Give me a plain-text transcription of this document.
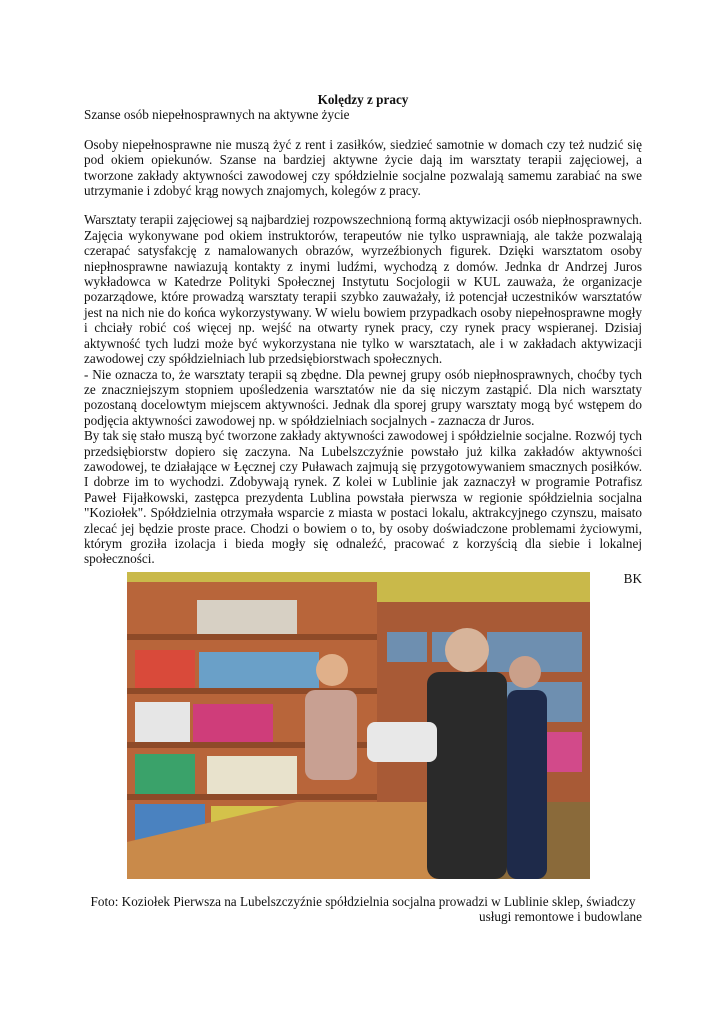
Kolędzy z pracy

Szanse osób niepełnosprawnych na aktywne życie

Osoby niepełnosprawne nie muszą żyć z rent i zasiłków, siedzieć samotnie w domach czy też nudzić się pod okiem opiekunów. Szanse na bardziej aktywne życie dają im warsztaty terapii zajęciowej, a tworzone zakłady aktywności zawodowej czy spółdzielnie socjalne pozwalają samemu zarabiać na swe utrzymanie i zdobyć krąg nowych znajomych, kolegów z pracy.

Warsztaty terapii zajęciowej są najbardziej rozpowszechnioną formą aktywizacji osób niepłnosprawnych. Zajęcia wykonywane pod okiem instruktorów, terapeutów nie tylko usprawniają, ale także pozwalają czerapać satysfakcję z namalowanych obrazów, wyrzeźbionych figurek. Dzięki warsztatom osoby niepłnosprawne nawiazują kontakty z inymi ludźmi, wychodzą z domów. Jednka dr Andrzej Juros wykładowca w Katedrze Polityki Społecznej Instytutu Socjologii w KUL zauważa, że organizacje pozarządowe, które prowadzą warsztaty terapii szybko zauważały, iż potencjał uczestników warsztatów jest na nich nie do końca wykorzystywany. W wielu bowiem przypadkach osoby niepełnosprawne mogły i chciały robić coś więcej np. wejść na otwarty rynek pracy, czy rynek pracy wspieranej. Dzisiaj aktywność tych ludzi może być wykorzystana nie tylko w warsztatach, ale i w zakładach aktywizacji zawodowej czy spółdzielniach lub przedsiębiorstwach społecznych.

- Nie oznacza to, że warsztaty terapii są zbędne. Dla pewnej grupy osób niepłnosprawnych, choćby tych ze znaczniejszym stopniem upośledzenia warsztatów nie da się niczym zastąpić. Dla nich warsztaty pozostaną docelowtym miejscem aktywności. Jednak dla sporej grupy warsztaty mogą być wstępem do podjęcia aktywności zawodowej np. w spółdzielniach socjalnych - zaznacza dr Juros.

By tak się stało muszą być tworzone zakłady aktywności zawodowej i spółdzielnie socjalne. Rozwój tych przedsiębiorstw dopiero się zaczyna. Na Lubelszczyźnie powstało już kilka zakładów aktywności zawodowej, te działające w Łęcznej czy Puławach zajmują się przygotowywaniem smacznych posiłków. I dobrze im to wychodzi. Zdobywają rynek. Z kolei w Lublinie jak zaznaczył w programie Potrafisz Paweł Fijałkowski, zastępca prezydenta Lublina powstała pierwsza w regionie spółdzielnia socjalna "Koziołek". Spółdzielnia otrzymała wsparcie z miasta w postaci lokalu, aktrakcyjnego czynszu, maisato zlecać jej będzie proste prace. Chodzi o bowiem o to, by osoby doświadczone problemami życiowymi, którym groziła izolacja i bieda mogły się odnaleźć, pracować z korzyścią dla siebie i lokalnej społeczności.

BK

Foto: Koziołek Pierwsza na Lubelszczyźnie spółdzielnia socjalna prowadzi w Lublinie sklep, świadczy
usługi remontowe i budowlane
